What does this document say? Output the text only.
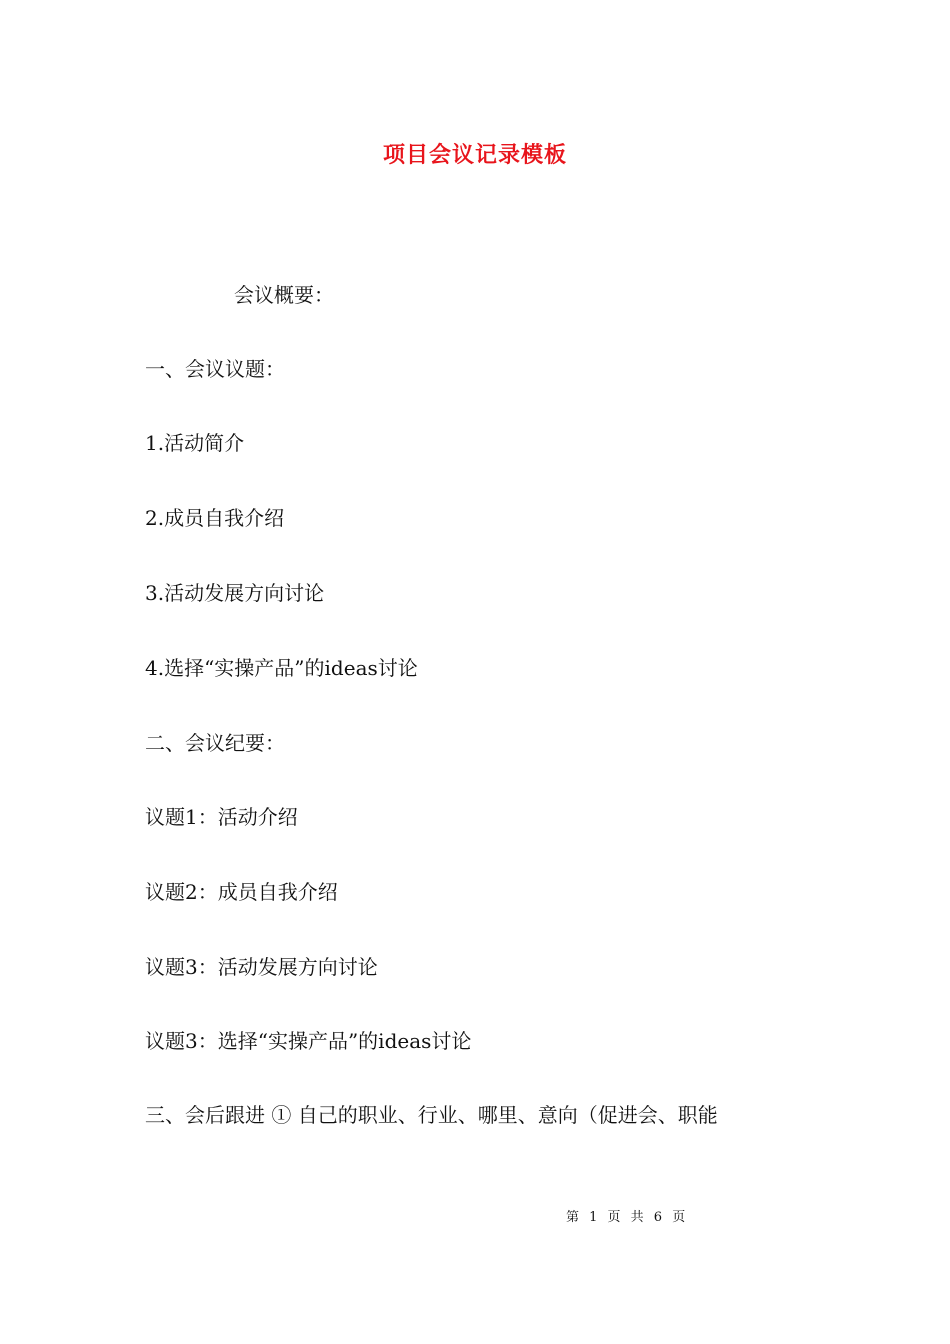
项目会议记录模板
会议概要：
一、会议议题：
1.活动简介
2.成员自我介绍
3.活动发展方向讨论
4.选择“实操产品”的ideas讨论
二、会议纪要：
议题1：活动介绍
议题2：成员自我介绍
议题3：活动发展方向讨论
议题3：选择“实操产品”的ideas讨论
三、会后跟进 ① 自己的职业、行业、哪里、意向（促进会、职能
第 1 页 共 6 页
